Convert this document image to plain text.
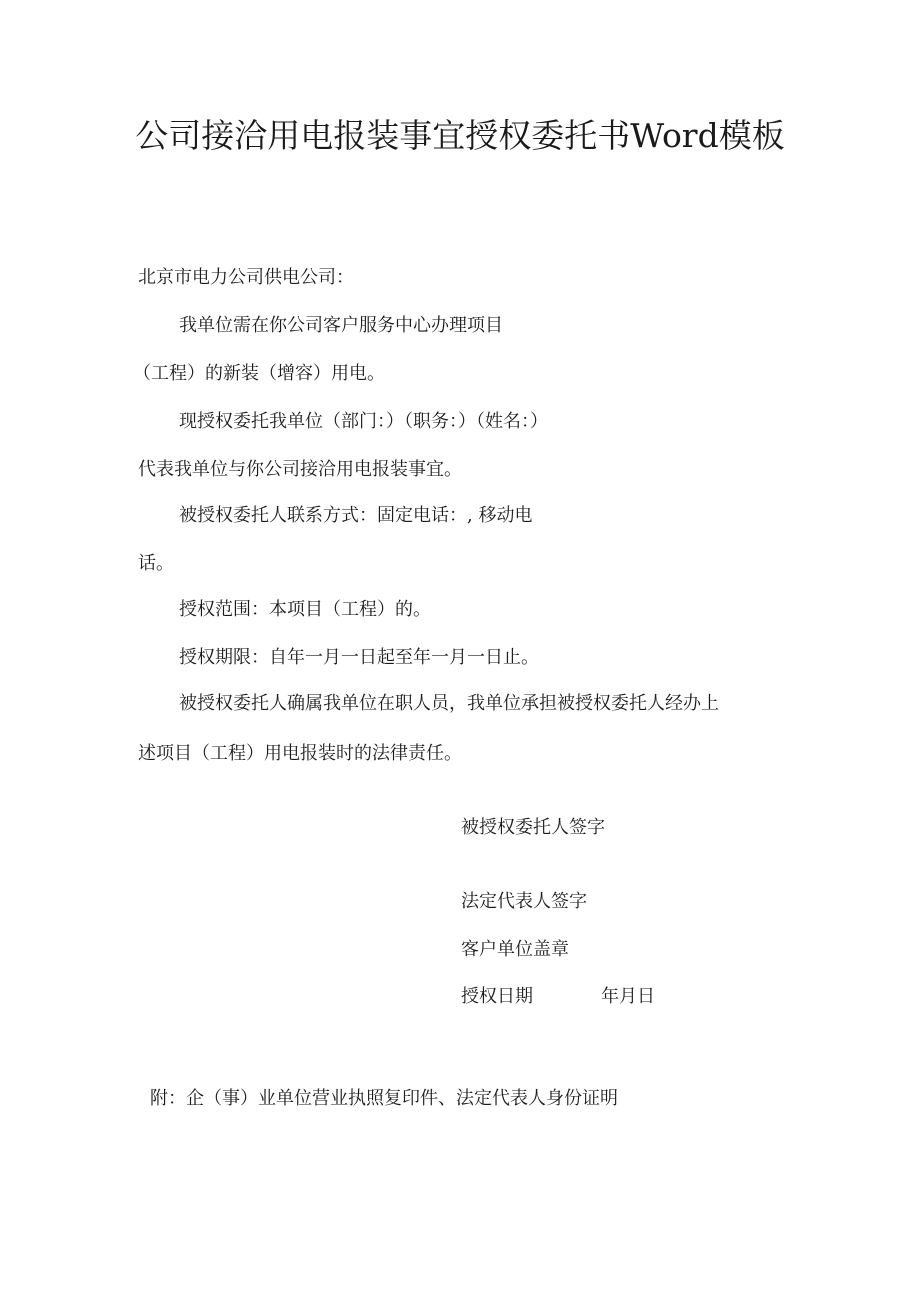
公司接洽用电报装事宜授权委托书Word模板

北京市电力公司供电公司：

我单位需在你公司客户服务中心办理项目

（工程）的新装（增容）用电。

现授权委托我单位（部门：）（职务：）（姓名：）

代表我单位与你公司接洽用电报装事宜。

被授权委托人联系方式：固定电话：, 移动电

话。

授权范围：本项目（工程）的。

授权期限：自年一月一日起至年一月一日止。

被授权委托人确属我单位在职人员，我单位承担被授权委托人经办上

述项目（工程）用电报装时的法律责任。

被授权委托人签字

法定代表人签字

客户单位盖章

授权日期	年月日

附：企（事）业单位营业执照复印件、法定代表人身份证明
